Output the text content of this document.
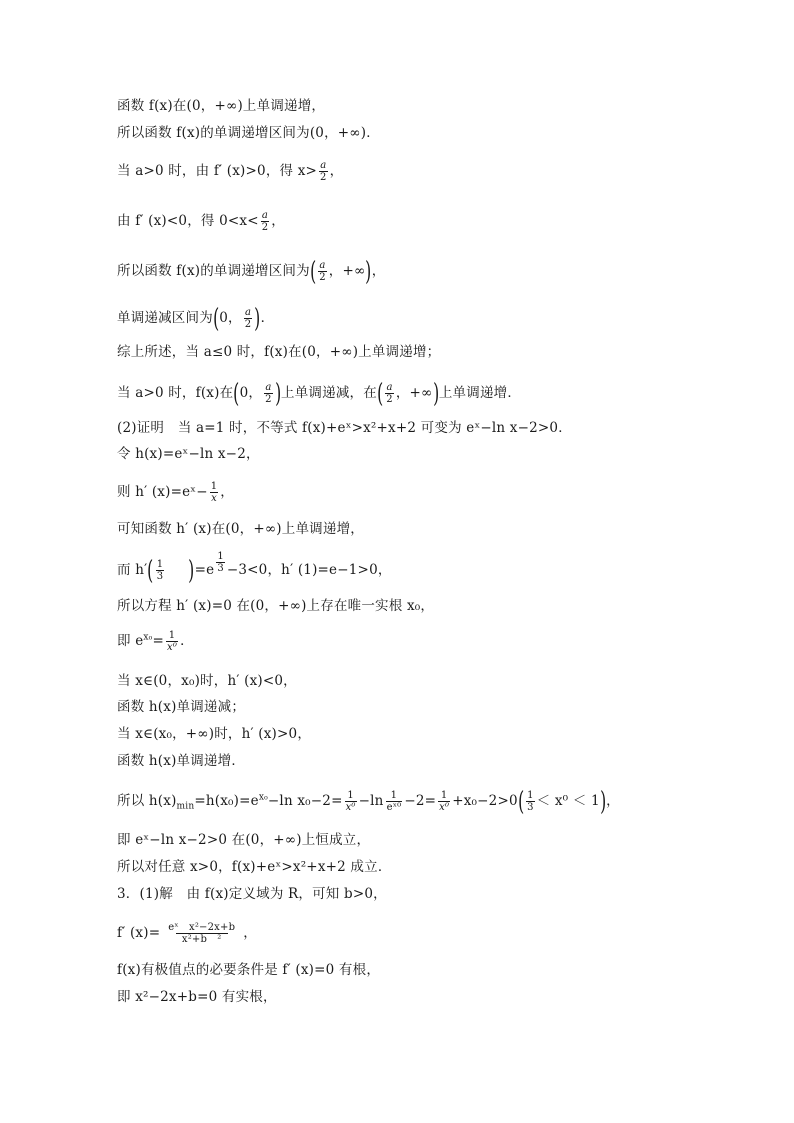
函数 f(x)在(0，+∞)上单调递增，
所以函数 f(x)的单调递增区间为(0，+∞)．
当 a>0 时，由 f′ (x)>0，得 $x> \frac{a}{2}$ ，
由 f′ (x)<0，得 $0<x< \frac{a}{2}$ ，
所以函数 f(x)的单调递增区间为( $\frac{a}{2}$ ，+∞)，
单调递减区间为(0， $\frac{a}{2}$ )．
综上所述，当 a≤0 时，f(x)在(0，+∞)上单调递增；
当 a>0 时，f(x)在(0， $\frac{a}{2}$ )上单调递减，在( $\frac{a}{2}$ ，+∞)上单调递增．
(2)证明　当 a=1 时，不等式 f(x)+eˣ>x²+x+2 可变为 eˣ−ln x−2>0．
令 h(x)=eˣ−ln x−2，
则 h′ (x)=eˣ− $\frac{1}{x}$ ，
可知函数 h′ (x)在(0，+∞)上单调递增，
而 $h'( \frac{1}{3} )=e \frac{1}{3} -3<0$，h′ (1)=e−1>0，
所以方程 h′ (x)=0 在(0，+∞)上存在唯一实根 x₀，
即 $e^{x_0}= \frac{1}{\text{x⁰}}$ ．
当 x∈(0，x₀)时，h′ (x)<0，
函数 h(x)单调递减；
当 x∈(x₀，+∞)时，h′ (x)>0，
函数 h(x)单调递增．
所以 $h(x)_{min}=h(x_0)=e^{x_0}-\ln$ $x_0-2= \frac{1}{\text{x⁰}} -\ln \frac{1}{\text{eˣ⁰}} -2= \frac{1}{\text{x⁰}} +x_0-2>0( \frac{1}{3} < x^0 < 1)$，
即 eˣ−ln x−2>0 在(0，+∞)上恒成立，
所以对任意 x>0，f(x)+eˣ>x²+x+2 成立．
3．(1)解　由 f(x)定义域为 R，可知 b>0，
f′ $(x)= \frac{\text{eˣ　x²−2x+b}}{\text{x²+b　²}}$ ，
f(x)有极值点的必要条件是 f′ (x)=0 有根，
即 x²−2x+b=0 有实根，
